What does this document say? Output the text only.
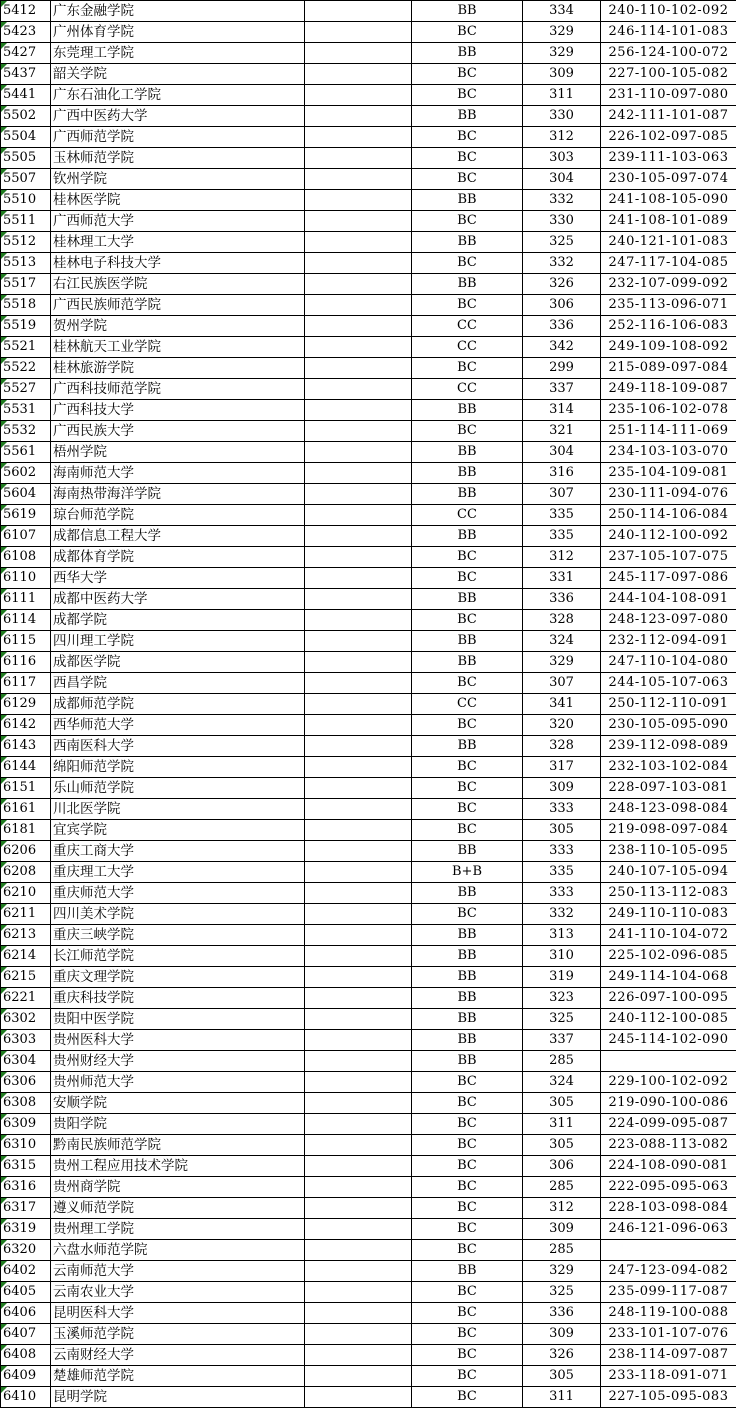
5412	广东金融学院		BB	334	240-110-102-092
5423	广州体育学院		BC	329	246-114-101-083
5427	东莞理工学院		BB	329	256-124-100-072
5437	韶关学院		BC	309	227-100-105-082
5441	广东石油化工学院		BC	311	231-110-097-080
5502	广西中医药大学		BB	330	242-111-101-087
5504	广西师范学院		BC	312	226-102-097-085
5505	玉林师范学院		BC	303	239-111-103-063
5507	钦州学院		BC	304	230-105-097-074
5510	桂林医学院		BB	332	241-108-105-090
5511	广西师范大学		BC	330	241-108-101-089
5512	桂林理工大学		BB	325	240-121-101-083
5513	桂林电子科技大学		BC	332	247-117-104-085
5517	右江民族医学院		BB	326	232-107-099-092
5518	广西民族师范学院		BC	306	235-113-096-071
5519	贺州学院		CC	336	252-116-106-083
5521	桂林航天工业学院		CC	342	249-109-108-092
5522	桂林旅游学院		BC	299	215-089-097-084
5527	广西科技师范学院		CC	337	249-118-109-087
5531	广西科技大学		BB	314	235-106-102-078
5532	广西民族大学		BC	321	251-114-111-069
5561	梧州学院		BB	304	234-103-103-070
5602	海南师范大学		BB	316	235-104-109-081
5604	海南热带海洋学院		BB	307	230-111-094-076
5619	琼台师范学院		CC	335	250-114-106-084
6107	成都信息工程大学		BB	335	240-112-100-092
6108	成都体育学院		BC	312	237-105-107-075
6110	西华大学		BC	331	245-117-097-086
6111	成都中医药大学		BB	336	244-104-108-091
6114	成都学院		BC	328	248-123-097-080
6115	四川理工学院		BB	324	232-112-094-091
6116	成都医学院		BB	329	247-110-104-080
6117	西昌学院		BC	307	244-105-107-063
6129	成都师范学院		CC	341	250-112-110-091
6142	西华师范大学		BC	320	230-105-095-090
6143	西南医科大学		BB	328	239-112-098-089
6144	绵阳师范学院		BC	317	232-103-102-084
6151	乐山师范学院		BC	309	228-097-103-081
6161	川北医学院		BC	333	248-123-098-084
6181	宜宾学院		BC	305	219-098-097-084
6206	重庆工商大学		BB	333	238-110-105-095
6208	重庆理工大学		B+B	335	240-107-105-094
6210	重庆师范大学		BB	333	250-113-112-083
6211	四川美术学院		BC	332	249-110-110-083
6213	重庆三峡学院		BB	313	241-110-104-072
6214	长江师范学院		BB	310	225-102-096-085
6215	重庆文理学院		BB	319	249-114-104-068
6221	重庆科技学院		BB	323	226-097-100-095
6302	贵阳中医学院		BB	325	240-112-100-085
6303	贵州医科大学		BB	337	245-114-102-090
6304	贵州财经大学		BB	285	
6306	贵州师范大学		BC	324	229-100-102-092
6308	安顺学院		BC	305	219-090-100-086
6309	贵阳学院		BC	311	224-099-095-087
6310	黔南民族师范学院		BC	305	223-088-113-082
6315	贵州工程应用技术学院		BC	306	224-108-090-081
6316	贵州商学院		BC	285	222-095-095-063
6317	遵义师范学院		BC	312	228-103-098-084
6319	贵州理工学院		BC	309	246-121-096-063
6320	六盘水师范学院		BC	285	
6402	云南师范大学		BB	329	247-123-094-082
6405	云南农业大学		BC	325	235-099-117-087
6406	昆明医科大学		BC	336	248-119-100-088
6407	玉溪师范学院		BC	309	233-101-107-076
6408	云南财经大学		BC	326	238-114-097-087
6409	楚雄师范学院		BC	305	233-118-091-071
6410	昆明学院		BC	311	227-105-095-083
